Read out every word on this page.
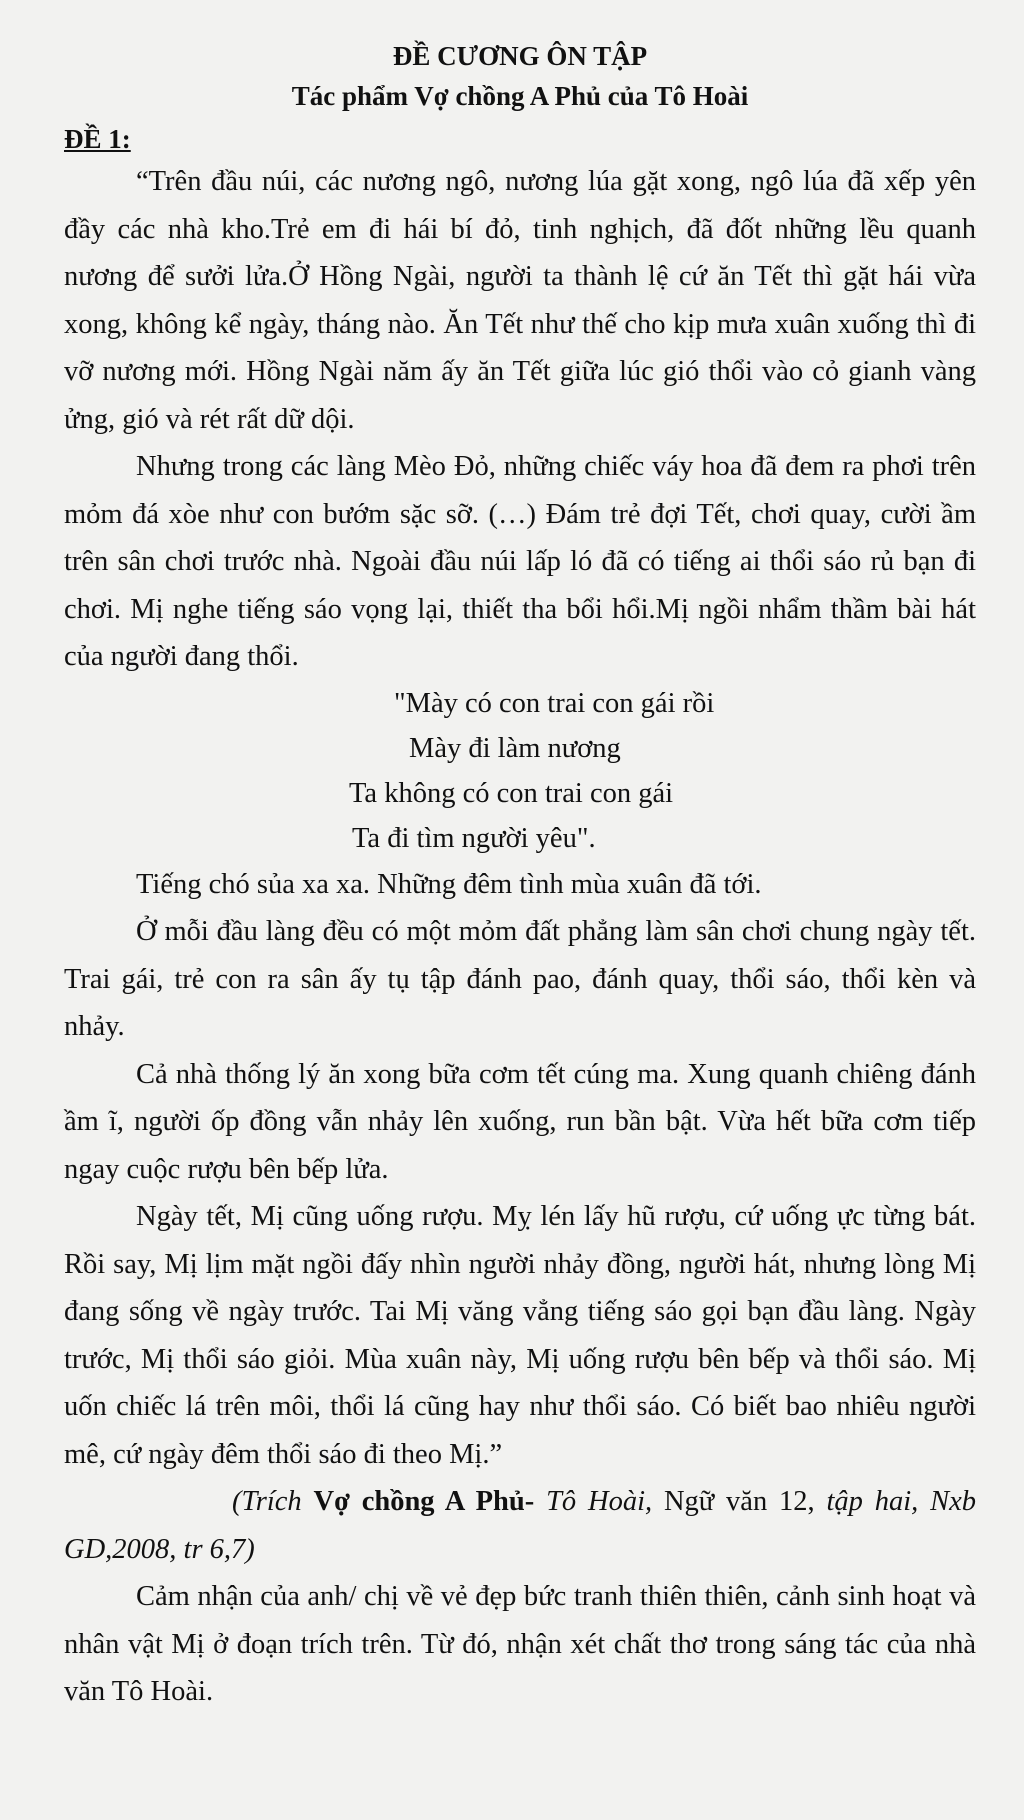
ĐỀ CƯƠNG ÔN TẬP
Tác phẩm Vợ chồng A Phủ của Tô Hoài
ĐỀ 1:

“Trên đầu núi, các nương ngô, nương lúa gặt xong, ngô lúa đã xếp yên đầy các nhà kho.Trẻ em đi hái bí đỏ, tinh nghịch, đã đốt những lều quanh nương để sưởi lửa.Ở Hồng Ngài, người ta thành lệ cứ ăn Tết thì gặt hái vừa xong, không kể ngày, tháng nào. Ăn Tết như thế cho kịp mưa xuân xuống thì đi vỡ nương mới. Hồng Ngài năm ấy ăn Tết giữa lúc gió thổi vào cỏ gianh vàng ửng, gió và rét rất dữ dội.

Nhưng trong các làng Mèo Đỏ, những chiếc váy hoa đã đem ra phơi trên mỏm đá xòe như con bướm sặc sỡ. (…) Đám trẻ đợi Tết, chơi quay, cười ầm trên sân chơi trước nhà. Ngoài đầu núi lấp ló đã có tiếng ai thổi sáo rủ bạn đi chơi. Mị nghe tiếng sáo vọng lại, thiết tha bổi hổi.Mị ngồi nhẩm thầm bài hát của người đang thổi.

"Mày có con trai con gái rồi
Mày đi làm nương
Ta không có con trai con gái
Ta đi tìm người yêu".

Tiếng chó sủa xa xa. Những đêm tình mùa xuân đã tới.

Ở mỗi đầu làng đều có một mỏm đất phẳng làm sân chơi chung ngày tết. Trai gái, trẻ con ra sân ấy tụ tập đánh pao, đánh quay, thổi sáo, thổi kèn và nhảy.

Cả nhà thống lý ăn xong bữa cơm tết cúng ma. Xung quanh chiêng đánh ầm ĩ, người ốp đồng vẫn nhảy lên xuống, run bần bật. Vừa hết bữa cơm tiếp ngay cuộc rượu bên bếp lửa.

Ngày tết, Mị cũng uống rượu. Mỵ lén lấy hũ rượu, cứ uống ực từng bát. Rồi say, Mị lịm mặt ngồi đấy nhìn người nhảy đồng, người hát, nhưng lòng Mị đang sống về ngày trước. Tai Mị văng vẳng tiếng sáo gọi bạn đầu làng. Ngày trước, Mị thổi sáo giỏi. Mùa xuân này, Mị uống rượu bên bếp và thổi sáo. Mị uốn chiếc lá trên môi, thổi lá cũng hay như thổi sáo. Có biết bao nhiêu người mê, cứ ngày đêm thổi sáo đi theo Mị.”

(Trích Vợ chồng A Phủ- Tô Hoài, Ngữ văn 12, tập hai, Nxb GD,2008, tr 6,7)

Cảm nhận của anh/ chị về vẻ đẹp bức tranh thiên thiên, cảnh sinh hoạt và nhân vật Mị ở đoạn trích trên. Từ đó, nhận xét chất thơ trong sáng tác của nhà văn Tô Hoài.
